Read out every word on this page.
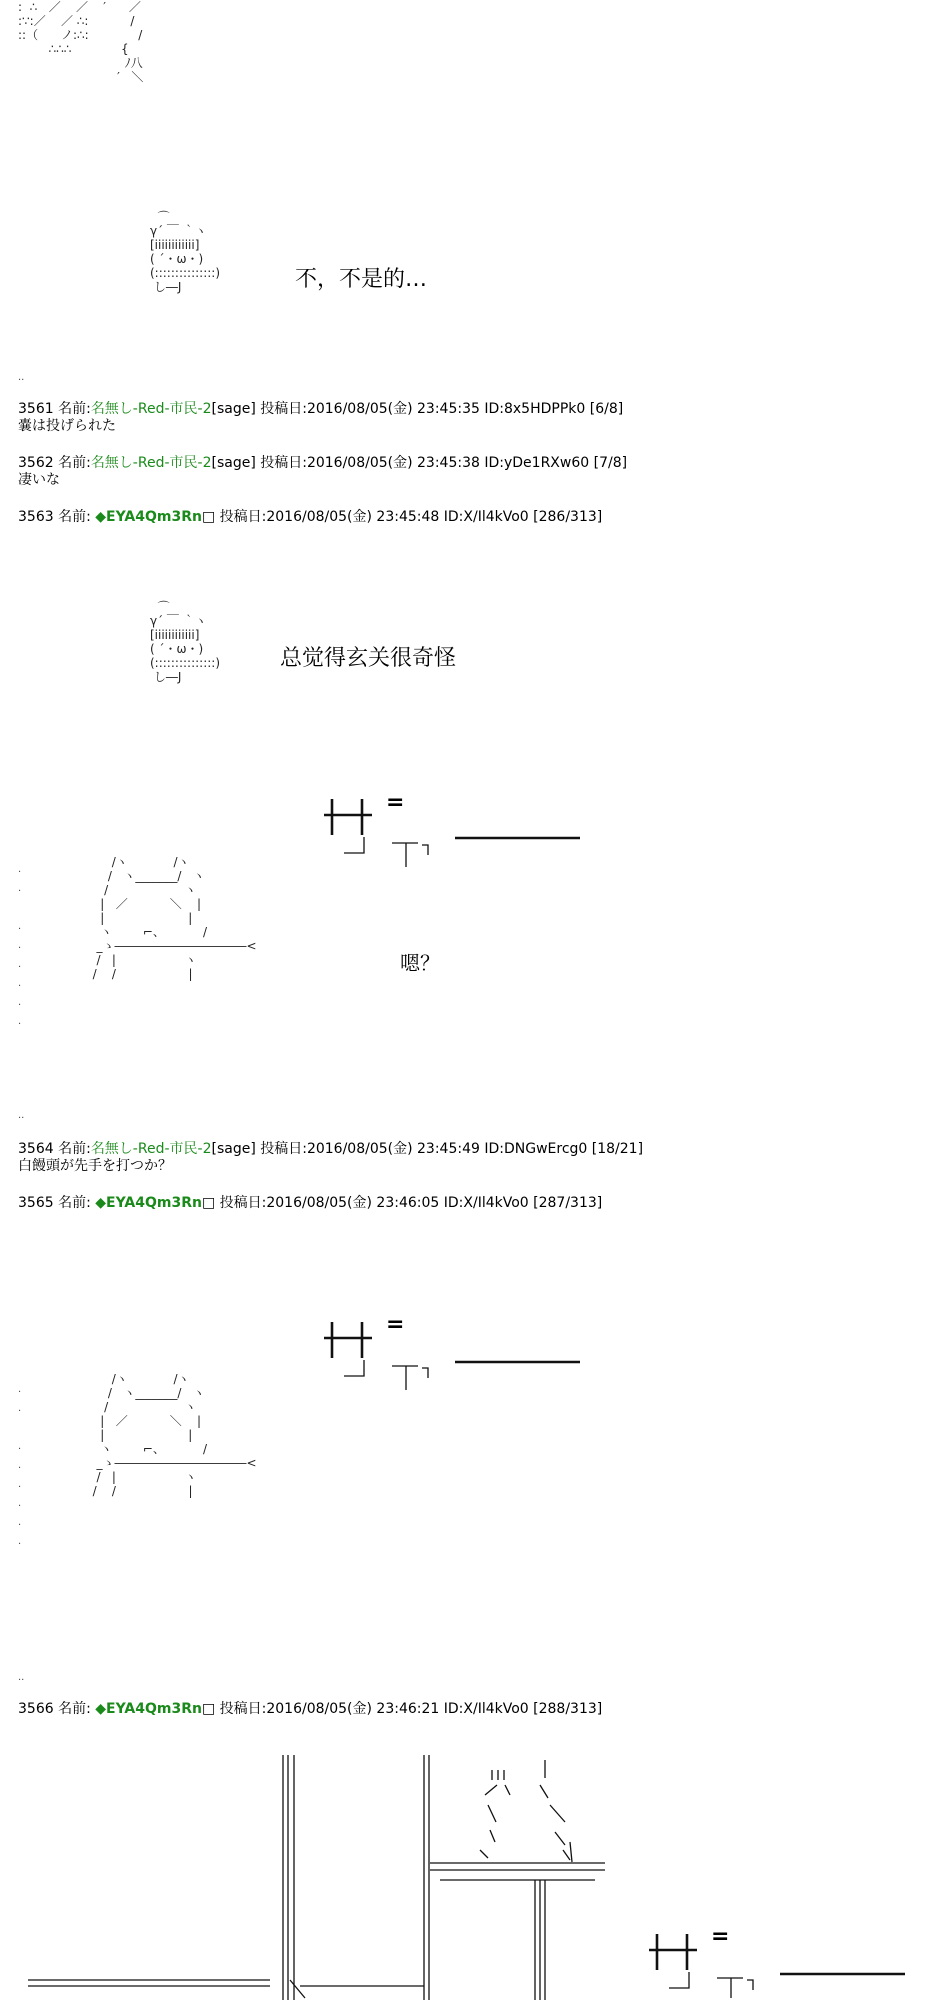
:  ∴   ／    ／    ′      ／
:∵:／    ／ ∴:           /
::（      ノ:∴:             /
∴∴∴             {
ﾉ八
′   ＼
⌒
γ´ ￣ ｀ヽ
[iiiiiiiiiiii]
( ´・ω・)
(:::::::::::::::)
し―J	不，不是的…
..
3561 名前:名無し-Red-市民-2[sage] 投稿日:2016/08/05(金) 23:45:35 ID:8x5HDPPk0 [6/8]
嚢は投げられた
3562 名前:名無し-Red-市民-2[sage] 投稿日:2016/08/05(金) 23:45:38 ID:yDe1RXw60 [7/8]
凄いな
3563 名前: ◆EYA4Qm3Rn□ 投稿日:2016/08/05(金) 23:45:48 ID:X/Il4kVo0 [286/313]
⌒
γ´ ￣ ｀ヽ
[iiiiiiiiiiii]
( ´・ω・)
(:::::::::::::::)
し―J
总觉得玄关很奇怪
=
/ヽ            /ヽ
/   ヽ_______/   ヽ
/                    ヽ
|   ／           ＼    |
|                      |
ヽ        ⌐、          /
_ゝ―――――――――――<
/   |                  ヽ
/    /                   |
.
.

.
.
.
.
.
.
嗯？
..
3564 名前:名無し-Red-市民-2[sage] 投稿日:2016/08/05(金) 23:45:49 ID:DNGwErcg0 [18/21]
白饅頭が先手を打つか？
3565 名前: ◆EYA4Qm3Rn□ 投稿日:2016/08/05(金) 23:46:05 ID:X/Il4kVo0 [287/313]
=
/ヽ            /ヽ
/   ヽ_______/   ヽ
/                    ヽ
|   ／           ＼    |
|                      |
ヽ        ⌐、          /
_ゝ―――――――――――<
/   |                  ヽ
/    /                   |
.
.

.
.
.
.
.
.
..
3566 名前: ◆EYA4Qm3Rn□ 投稿日:2016/08/05(金) 23:46:21 ID:X/Il4kVo0 [288/313]
=
